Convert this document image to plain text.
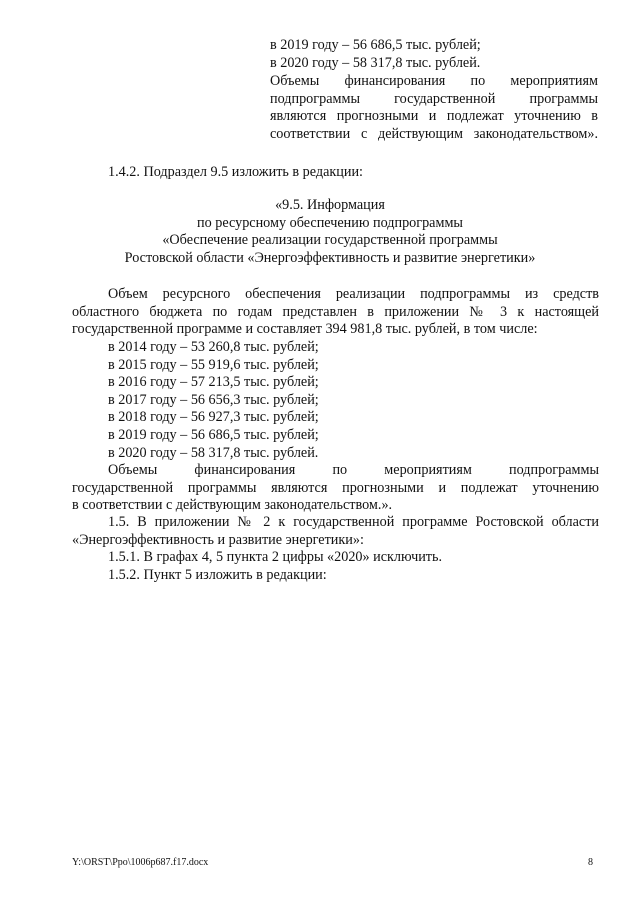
в 2019 году – 56 686,5 тыс. рублей;
в 2020 году – 58 317,8 тыс. рублей.
Объемы финансирования по мероприятиям
подпрограммы государственной программы
являются прогнозными и подлежат уточнению в
соответствии с действующим законодательством».
1.4.2. Подраздел 9.5 изложить в редакции:
«9.5. Информация
по ресурсному обеспечению подпрограммы
«Обеспечение реализации государственной программы
Ростовской области «Энергоэффективность и развитие энергетики»
Объем ресурсного обеспечения реализации подпрограммы из средств
областного бюджета по годам представлен в приложении № 3 к настоящей
государственной программе и составляет 394 981,8 тыс. рублей, в том числе:
в 2014 году – 53 260,8 тыс. рублей;
в 2015 году – 55 919,6 тыс. рублей;
в 2016 году – 57 213,5 тыс. рублей;
в 2017 году – 56 656,3 тыс. рублей;
в 2018 году – 56 927,3 тыс. рублей;
в 2019 году – 56 686,5 тыс. рублей;
в 2020 году – 58 317,8 тыс. рублей.
Объемы финансирования по мероприятиям подпрограммы
государственной программы являются прогнозными и подлежат уточнению
в соответствии с действующим законодательством.».
1.5. В приложении № 2 к государственной программе Ростовской области
«Энергоэффективность и развитие энергетики»:
1.5.1. В графах 4, 5 пункта 2 цифры «2020» исключить.
1.5.2. Пункт 5 изложить в редакции:
Y:\ORST\Ppo\1006p687.f17.docx	8
